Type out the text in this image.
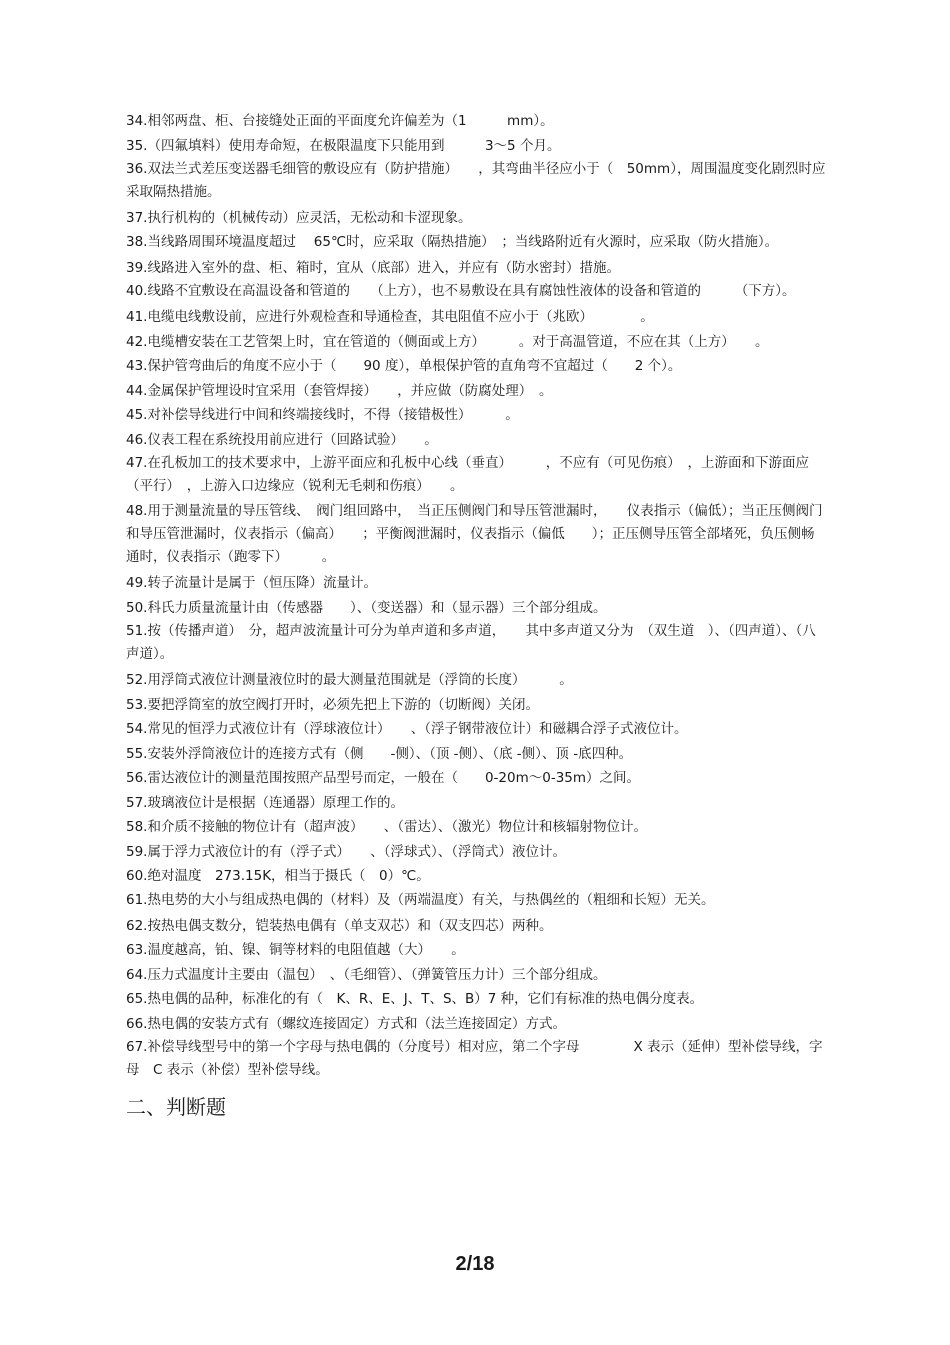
34.相邻两盘、柜、台接缝处正面的平面度允许偏差为（1　　　mm）。

35.（四氟填料）使用寿命短，在极限温度下只能用到　　　3～5 个月。

36.双法兰式差压变送器毛细管的敷设应有（防护措施）　　，其弯曲半径应小于（　50mm），周围温度变化剧烈时应采取隔热措施。

37.执行机构的（机械传动）应灵活，无松动和卡涩现象。

38.当线路周围环境温度超过　 65℃时，应采取（隔热措施）　；当线路附近有火源时，应采取（防火措施）。

39.线路进入室外的盘、柜、箱时，宜从（底部）进入，并应有（防水密封）措施。

40.线路不宜敷设在高温设备和管道的　　（上方），也不易敷设在具有腐蚀性液体的设备和管道的　　　（下方）。

41.电缆电线敷设前，应进行外观检查和导通检查，其电阻值不应小于（兆欧）　　　　。

42.电缆槽安装在工艺管架上时，宜在管道的（侧面或上方）　　　。对于高温管道，不应在其（上方）　　。

43.保护管弯曲后的角度不应小于（　　90 度），单根保护管的直角弯不宜超过（　　2 个）。

44.金属保护管埋设时宜采用（套管焊接）　　，并应做（防腐处理）　。

45.对补偿导线进行中间和终端接线时，不得（接错极性）　　　。

46.仪表工程在系统投用前应进行（回路试验）　　。

47.在孔板加工的技术要求中，上游平面应和孔板中心线（垂直）　　　，不应有（可见伤痕）　，上游面和下游面应（平行）　，上游入口边缘应（锐利无毛刺和伤痕）　　。

48.用于测量流量的导压管线、　阀门组回路中，　当正压侧阀门和导压管泄漏时，　　仪表指示（偏低）；当正压侧阀门和导压管泄漏时，仪表指示（偏高）　　；平衡阀泄漏时，仪表指示（偏低　　）；正压侧导压管全部堵死，负压侧畅通时，仪表指示（跑零下）　　　。

49.转子流量计是属于（恒压降）流量计。

50.科氏力质量流量计由（传感器　　）、（变送器）和（显示器）三个部分组成。

51.按（传播声道）　分，超声波流量计可分为单声道和多声道，　　其中多声道又分为　（双生道　）、（四声道）、（八声道）。

52.用浮筒式液位计测量液位时的最大测量范围就是（浮筒的长度）　　　。

53.要把浮筒室的放空阀打开时，必须先把上下游的（切断阀）关闭。

54.常见的恒浮力式液位计有（浮球液位计）　　、（浮子钢带液位计）和磁耦合浮子式液位计。

55.安装外浮筒液位计的连接方式有（侧　　-侧）、（顶 -侧）、（底 -侧）、顶 -底四种。

56.雷达液位计的测量范围按照产品型号而定，一般在（　　0-20m～0-35m）之间。

57.玻璃液位计是根据（连通器）原理工作的。

58.和介质不接触的物位计有（超声波）　　、（雷达）、（激光）物位计和核辐射物位计。

59.属于浮力式液位计的有（浮子式）　　、（浮球式）、（浮筒式）液位计。

60.绝对温度　273.15K，相当于摄氏（　0）℃。

61.热电势的大小与组成热电偶的（材料）及（两端温度）有关，与热偶丝的（粗细和长短）无关。

62.按热电偶支数分，铠装热电偶有（单支双芯）和（双支四芯）两种。

63.温度越高，铂、镍、铜等材料的电阻值越（大）　　。

64.压力式温度计主要由（温包）　、（毛细管）、（弹簧管压力计）三个部分组成。

65.热电偶的品种，标准化的有（　K、R、E、J、T、S、B）7 种，它们有标准的热电偶分度表。

66.热电偶的安装方式有（螺纹连接固定）方式和（法兰连接固定）方式。

67.补偿导线型号中的第一个字母与热电偶的（分度号）相对应，第二个字母　　　　X 表示（延伸）型补偿导线，字母　C 表示（补偿）型补偿导线。

二、判断题
2/18
